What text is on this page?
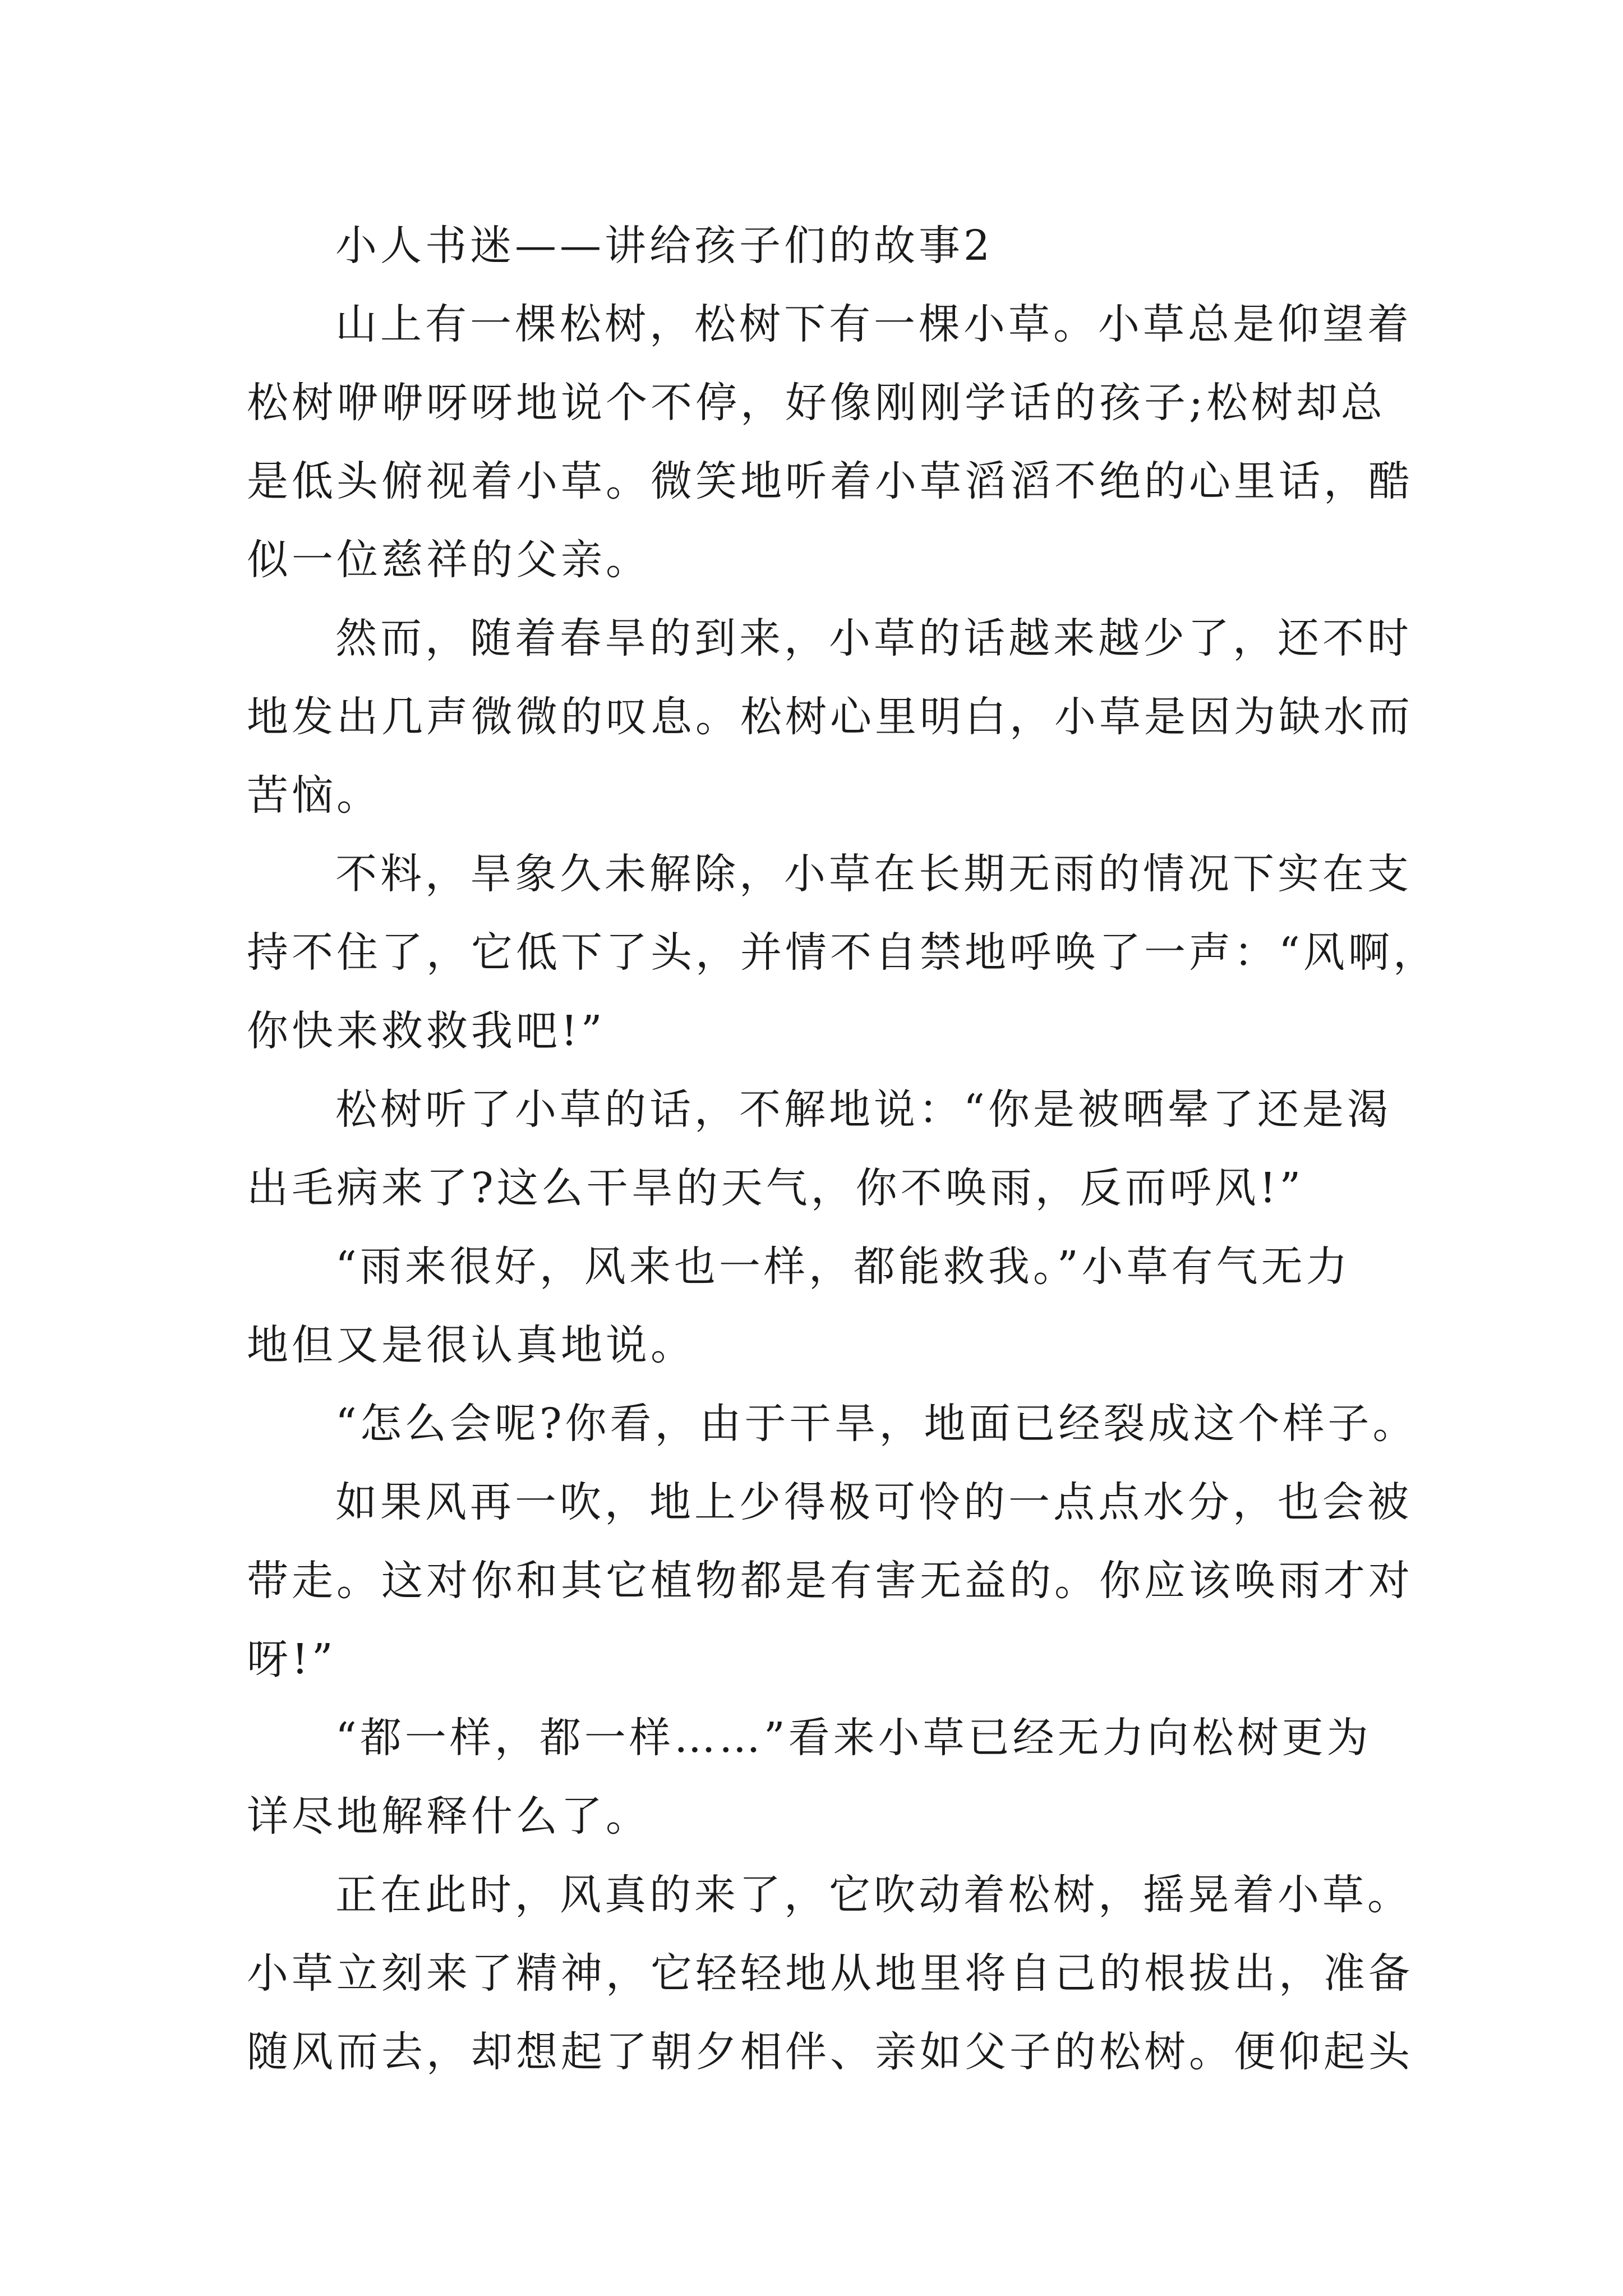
小人书迷——讲给孩子们的故事2
山上有一棵松树，松树下有一棵小草。小草总是仰望着
松树咿咿呀呀地说个不停，好像刚刚学话的孩子;松树却总
是低头俯视着小草。微笑地听着小草滔滔不绝的心里话，酷
似一位慈祥的父亲。
然而，随着春旱的到来，小草的话越来越少了，还不时
地发出几声微微的叹息。松树心里明白，小草是因为缺水而
苦恼。
不料，旱象久未解除，小草在长期无雨的情况下实在支
持不住了，它低下了头，并情不自禁地呼唤了一声：“风啊，
你快来救救我吧!”
松树听了小草的话，不解地说：“你是被晒晕了还是渴
出毛病来了?这么干旱的天气，你不唤雨，反而呼风!”
“雨来很好，风来也一样，都能救我。”小草有气无力
地但又是很认真地说。
“怎么会呢?你看，由于干旱，地面已经裂成这个样子。
如果风再一吹，地上少得极可怜的一点点水分，也会被
带走。这对你和其它植物都是有害无益的。你应该唤雨才对
呀!”
“都一样，都一样……”看来小草已经无力向松树更为
详尽地解释什么了。
正在此时，风真的来了，它吹动着松树，摇晃着小草。
小草立刻来了精神，它轻轻地从地里将自己的根拔出，准备
随风而去，却想起了朝夕相伴、亲如父子的松树。便仰起头
